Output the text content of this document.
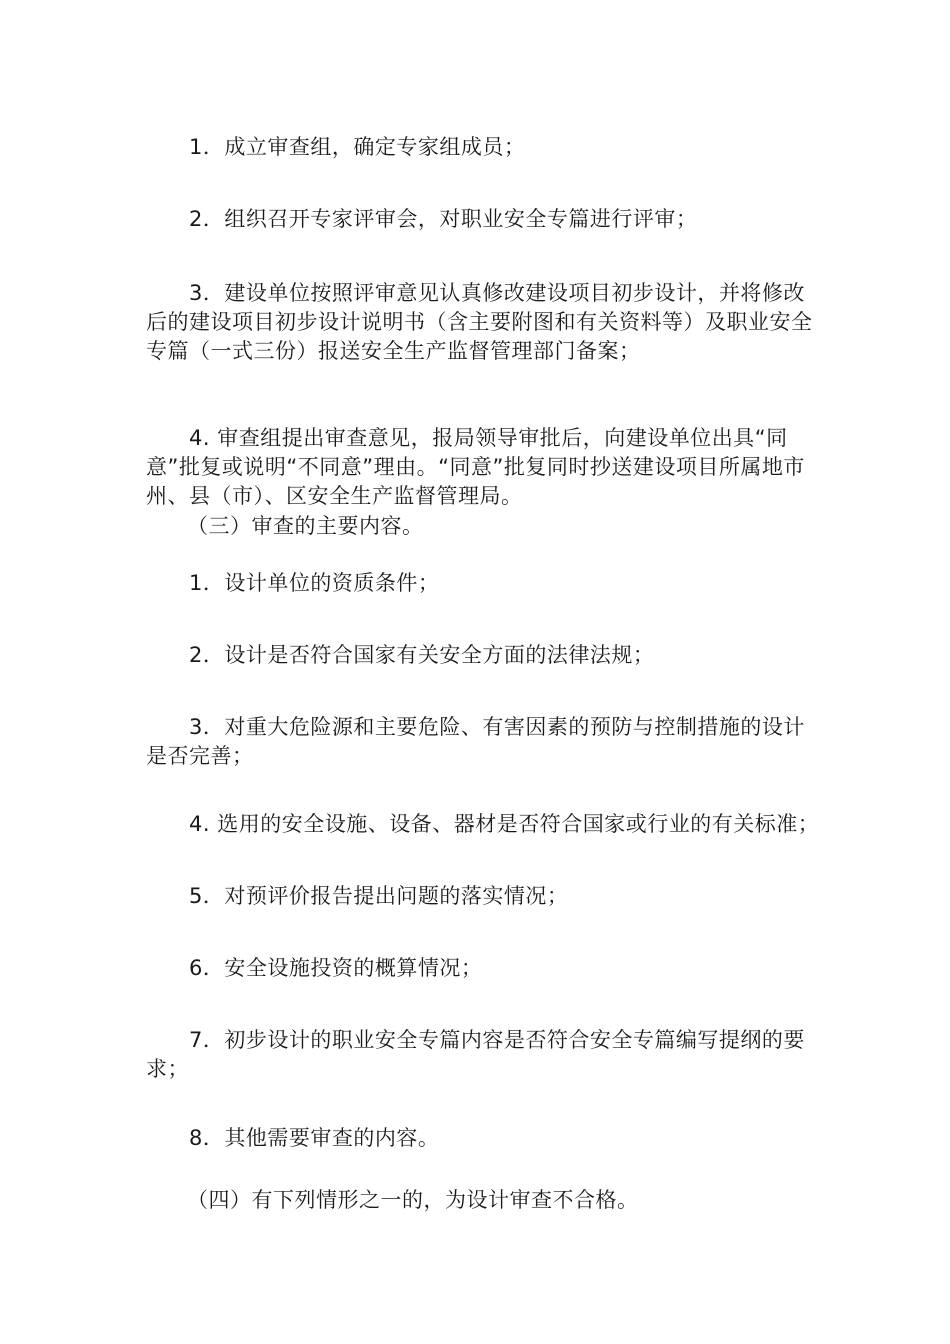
1．成立审查组，确定专家组成员；

2．组织召开专家评审会，对职业安全专篇进行评审；

3．建设单位按照评审意见认真修改建设项目初步设计，并将修改后的建设项目初步设计说明书（含主要附图和有关资料等）及职业安全专篇（一式三份）报送安全生产监督管理部门备案；

4. 审查组提出审查意见，报局领导审批后，向建设单位出具“同意”批复或说明“不同意”理由。“同意”批复同时抄送建设项目所属地市州、县（市）、区安全生产监督管理局。

（三）审查的主要内容。

1．设计单位的资质条件；

2．设计是否符合国家有关安全方面的法律法规；

3．对重大危险源和主要危险、有害因素的预防与控制措施的设计是否完善；

4. 选用的安全设施、设备、器材是否符合国家或行业的有关标准；

5．对预评价报告提出问题的落实情况；

6．安全设施投资的概算情况；

7．初步设计的职业安全专篇内容是否符合安全专篇编写提纲的要求；

8．其他需要审查的内容。

（四）有下列情形之一的，为设计审查不合格。
